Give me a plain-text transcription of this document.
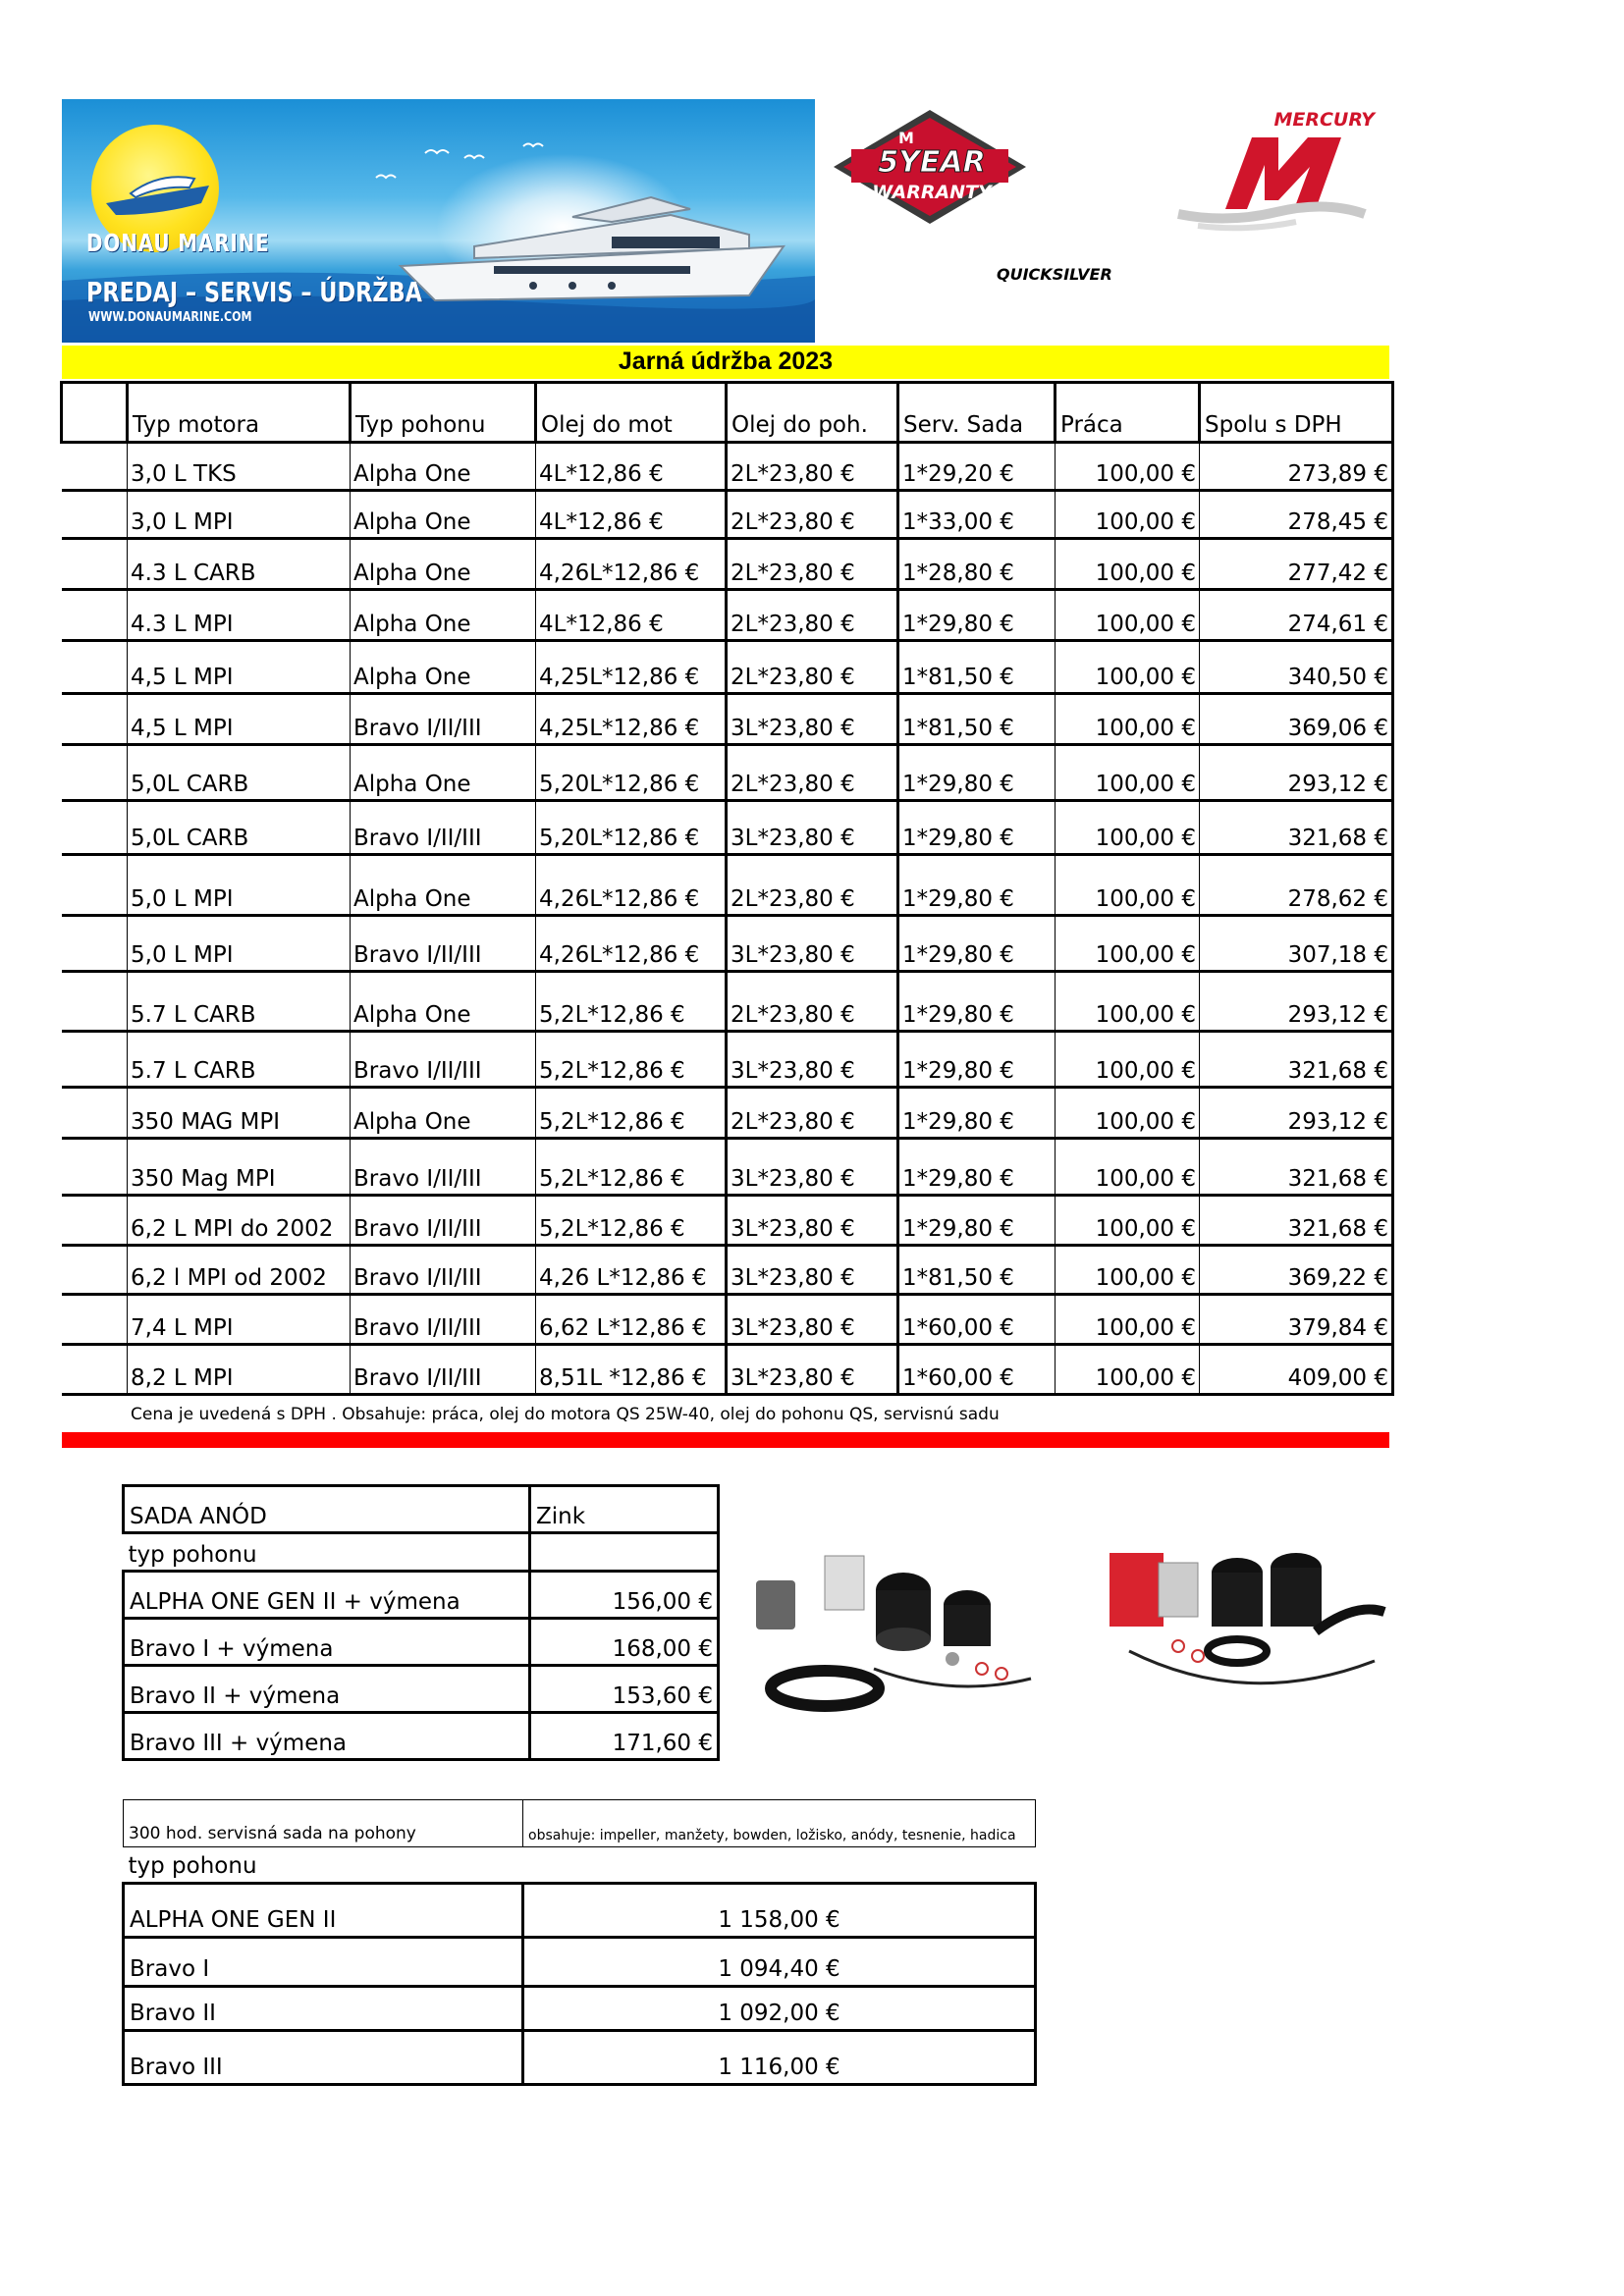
DONAU MARINE
PREDAJ – SERVIS – ÚDRŽBA
WWW.DONAUMARINE.COM
5YEAR
WARRANTY
M
MERCURY
QUICKSILVER
Jarná údržba 2023
	Typ motora	Typ pohonu	Olej do mot	Olej do poh.	Serv. Sada	Práca	Spolu s DPH
	3,0 L TKS	Alpha One	4L*12,86 €	2L*23,80 €	1*29,20 €	100,00 €	273,89 €
	3,0 L MPI	Alpha One	4L*12,86 €	2L*23,80 €	1*33,00 €	100,00 €	278,45 €
	4.3 L CARB	Alpha One	4,26L*12,86 €	2L*23,80 €	1*28,80 €	100,00 €	277,42 €
	4.3 L MPI	Alpha One	4L*12,86 €	2L*23,80 €	1*29,80 €	100,00 €	274,61 €
	4,5 L MPI	Alpha One	4,25L*12,86 €	2L*23,80 €	1*81,50 €	100,00 €	340,50 €
	4,5 L MPI	Bravo I/II/III	4,25L*12,86 €	3L*23,80 €	1*81,50 €	100,00 €	369,06 €
	5,0L CARB	Alpha One	5,20L*12,86 €	2L*23,80 €	1*29,80 €	100,00 €	293,12 €
	5,0L CARB	Bravo I/II/III	5,20L*12,86 €	3L*23,80 €	1*29,80 €	100,00 €	321,68 €
	5,0 L MPI	Alpha One	4,26L*12,86 €	2L*23,80 €	1*29,80 €	100,00 €	278,62 €
	5,0 L MPI	Bravo I/II/III	4,26L*12,86 €	3L*23,80 €	1*29,80 €	100,00 €	307,18 €
	5.7 L CARB	Alpha One	5,2L*12,86 €	2L*23,80 €	1*29,80 €	100,00 €	293,12 €
	5.7 L CARB	Bravo I/II/III	5,2L*12,86 €	3L*23,80 €	1*29,80 €	100,00 €	321,68 €
	350 MAG MPI	Alpha One	5,2L*12,86 €	2L*23,80 €	1*29,80 €	100,00 €	293,12 €
	350 Mag MPI	Bravo I/II/III	5,2L*12,86 €	3L*23,80 €	1*29,80 €	100,00 €	321,68 €
	6,2 L MPI do 2002	Bravo I/II/III	5,2L*12,86 €	3L*23,80 €	1*29,80 €	100,00 €	321,68 €
	6,2 l MPI od 2002	Bravo I/II/III	4,26 L*12,86 €	3L*23,80 €	1*81,50 €	100,00 €	369,22 €
	7,4 L MPI	Bravo I/II/III	6,62 L*12,86 €	3L*23,80 €	1*60,00 €	100,00 €	379,84 €
	8,2 L MPI	Bravo I/II/III	8,51L *12,86 €	3L*23,80 €	1*60,00 €	100,00 €	409,00 €
Cena je uvedená s DPH . Obsahuje: práca, olej do motora QS 25W-40, olej do pohonu QS, servisnú sadu
SADA ANÓD	Zink
typ pohonu	
ALPHA ONE GEN II + výmena	156,00 €
Bravo I + výmena	168,00 €
Bravo II + výmena	153,60 €
Bravo III + výmena	171,60 €
300 hod. servisná sada na pohony	obsahuje: impeller, manžety, bowden, ložisko, anódy, tesnenie, hadica
typ pohonu	
ALPHA ONE GEN II	1 158,00 €
Bravo I	1 094,40 €
Bravo II	1 092,00 €
Bravo III	1 116,00 €
